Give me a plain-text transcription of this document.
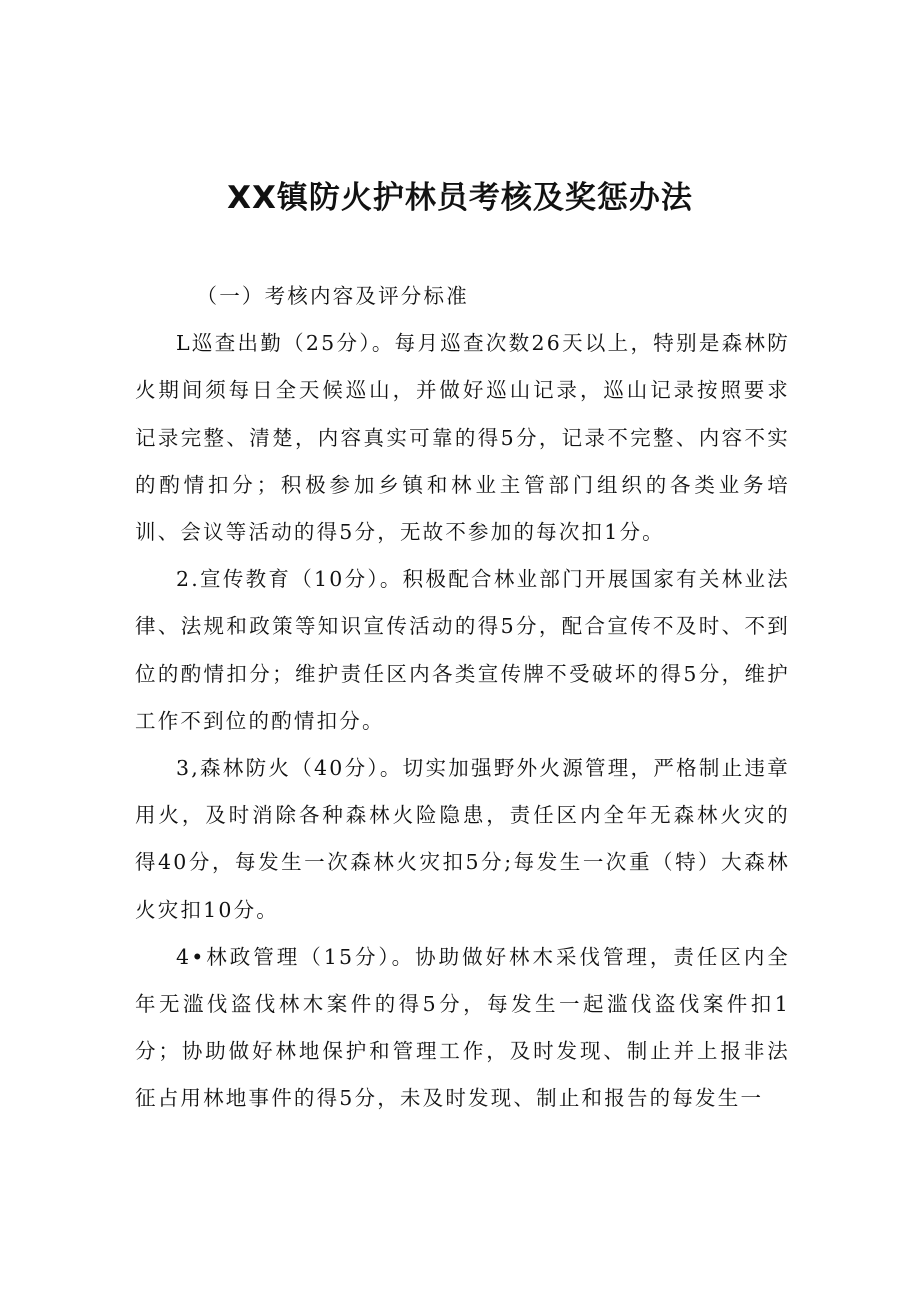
XX镇防火护林员考核及奖惩办法

（一）考核内容及评分标准

L巡查出勤（25分）。每月巡查次数26天以上，特别是森林防火期间须每日全天候巡山，并做好巡山记录，巡山记录按照要求记录完整、清楚，内容真实可靠的得5分，记录不完整、内容不实的酌情扣分；积极参加乡镇和林业主管部门组织的各类业务培训、会议等活动的得5分，无故不参加的每次扣1分。

2.宣传教育（10分）。积极配合林业部门开展国家有关林业法律、法规和政策等知识宣传活动的得5分，配合宣传不及时、不到位的酌情扣分；维护责任区内各类宣传牌不受破坏的得5分，维护工作不到位的酌情扣分。

3,森林防火（40分）。切实加强野外火源管理，严格制止违章用火，及时消除各种森林火险隐患，责任区内全年无森林火灾的得40分，每发生一次森林火灾扣5分;每发生一次重（特）大森林火灾扣10分。

4•林政管理（15分）。协助做好林木采伐管理，责任区内全年无滥伐盗伐林木案件的得5分，每发生一起滥伐盗伐案件扣1分；协助做好林地保护和管理工作，及时发现、制止并上报非法征占用林地事件的得5分，未及时发现、制止和报告的每发生一
